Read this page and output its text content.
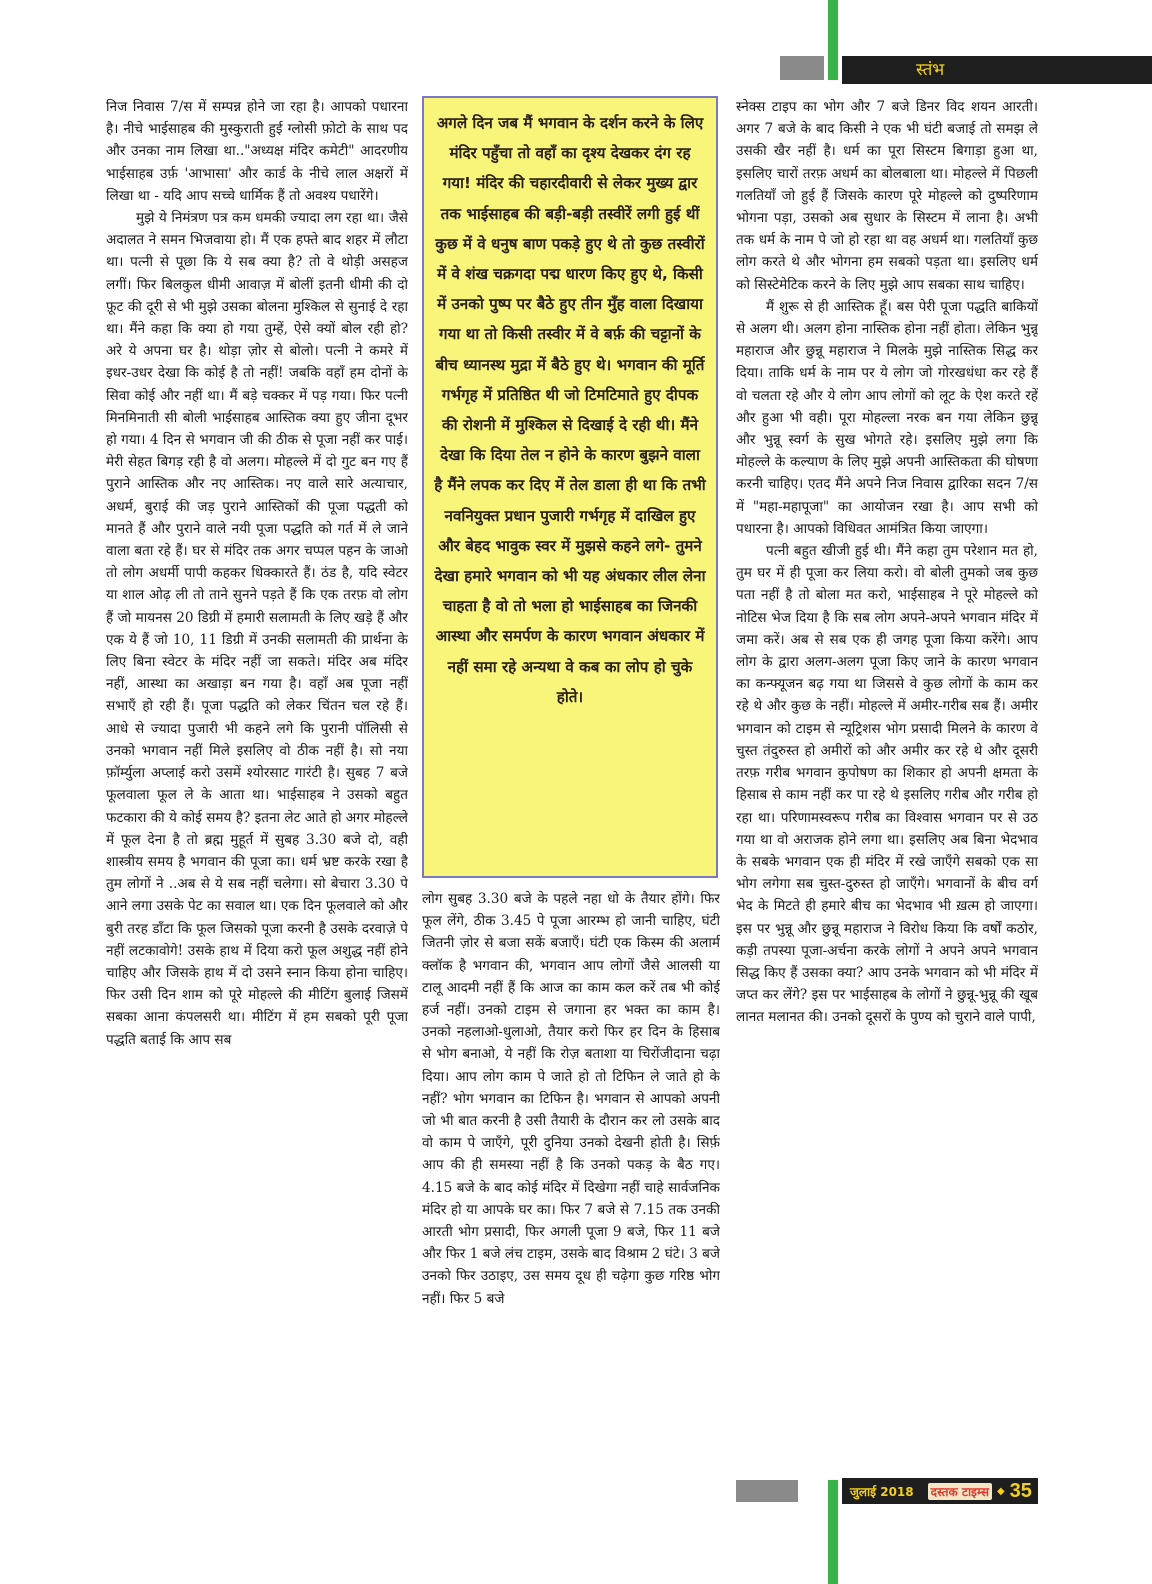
स्तंभ

निज निवास 7/स में सम्पन्न होने जा रहा है। आपको पधारना है। नीचे भाईसाहब की मुस्कुराती हुई ग्लोसी फ़ोटो के साथ पद और उनका नाम लिखा था.."अध्यक्ष मंदिर कमेटी" आदरणीय भाईसाहब उर्फ़ 'आभासा' और कार्ड के नीचे लाल अक्षरों में लिखा था - यदि आप सच्चे धार्मिक हैं तो अवश्य पधारेंगे।

मुझे ये निमंत्रण पत्र कम धमकी ज्यादा लग रहा था। जैसे अदालत ने समन भिजवाया हो। मैं एक हफ्ते बाद शहर में लौटा था। पत्नी से पूछा कि ये सब क्या है? तो वे थोड़ी असहज लगीं। फिर बिलकुल धीमी आवाज़ में बोलीं इतनी धीमी की दो फ़ूट की दूरी से भी मुझे उसका बोलना मुश्किल से सुनाई दे रहा था। मैंने कहा कि क्या हो गया तुम्हें, ऐसे क्यों बोल रही हो? अरे ये अपना घर है। थोड़ा ज़ोर से बोलो। पत्नी ने कमरे में इधर-उधर देखा कि कोई है तो नहीं! जबकि वहाँ हम दोनों के सिवा कोई और नहीं था। मैं बड़े चक्कर में पड़ गया। फिर पत्नी मिनमिनाती सी बोली भाईसाहब आस्तिक क्या हुए जीना दूभर हो गया। 4 दिन से भगवान जी की ठीक से पूजा नहीं कर पाई। मेरी सेहत बिगड़ रही है वो अलग। मोहल्ले में दो गुट बन गए हैं पुराने आस्तिक और नए आस्तिक। नए वाले सारे अत्याचार, अधर्म, बुराई की जड़ पुराने आस्तिकों की पूजा पद्धती को मानते हैं और पुराने वाले नयी पूजा पद्धति को गर्त में ले जाने वाला बता रहे हैं। घर से मंदिर तक अगर चप्पल पहन के जाओ तो लोग अधर्मी पापी कहकर धिक्कारते हैं। ठंड है, यदि स्वेटर या शाल ओढ़ ली तो ताने सुनने पड़ते हैं कि एक तरफ़ वो लोग हैं जो मायनस 20 डिग्री में हमारी सलामती के लिए खड़े हैं और एक ये हैं जो 10, 11 डिग्री में उनकी सलामती की प्रार्थना के लिए बिना स्वेटर के मंदिर नहीं जा सकते। मंदिर अब मंदिर नहीं, आस्था का अखाड़ा बन गया है। वहाँ अब पूजा नहीं सभाएँ हो रही हैं। पूजा पद्धति को लेकर चिंतन चल रहे हैं। आधे से ज्यादा पुजारी भी कहने लगे कि पुरानी पॉलिसी से उनको भगवान नहीं मिले इसलिए वो ठीक नहीं है। सो नया फ़ॉर्म्युला अप्लाई करो उसमें श्योरसाट गारंटी है। सुबह 7 बजे फूलवाला फूल ले के आता था। भाईसाहब ने उसको बहुत फटकारा की ये कोई समय है? इतना लेट आते हो अगर मोहल्ले में फूल देना है तो ब्रह्म मुहूर्त में सुबह 3.30 बजे दो, वही शास्त्रीय समय है भगवान की पूजा का। धर्म भ्रष्ट करके रखा है तुम लोगों ने ..अब से ये सब नहीं चलेगा। सो बेचारा 3.30 पे आने लगा उसके पेट का सवाल था। एक दिन फूलवाले को और बुरी तरह डाँटा कि फूल जिसको पूजा करनी है उसके दरवाज़े पे नहीं लटकावोगे! उसके हाथ में दिया करो फूल अशुद्ध नहीं होने चाहिए और जिसके हाथ में दो उसने स्नान किया होना चाहिए। फिर उसी दिन शाम को पूरे मोहल्ले की मीटिंग बुलाई जिसमें सबका आना कंपलसरी था। मीटिंग में हम सबको पूरी पूजा पद्धति बताई कि आप सब

अगले दिन जब मैं भगवान के दर्शन करने के लिए मंदिर पहुँचा तो वहाँ का दृश्य देखकर दंग रह गया! मंदिर की चहारदीवारी से लेकर मुख्य द्वार तक भाईसाहब की बड़ी-बड़ी तस्वीरें लगी हुई थीं कुछ में वे धनुष बाण पकड़े हुए थे तो कुछ तस्वीरों में वे शंख चक्रगदा पद्म धारण किए हुए थे, किसी में उनको पुष्प पर बैठे हुए तीन मुँह वाला दिखाया गया था तो किसी तस्वीर में वे बर्फ़ की चट्टानों के बीच ध्यानस्थ मुद्रा में बैठे हुए थे। भगवान की मूर्ति गर्भगृह में प्रतिष्ठित थी जो टिमटिमाते हुए दीपक की रोशनी में मुश्किल से दिखाई दे रही थी। मैंने देखा कि दिया तेल न होने के कारण बुझने वाला है मैंने लपक कर दिए में तेल डाला ही था कि तभी नवनियुक्त प्रधान पुजारी गर्भगृह में दाखिल हुए और बेहद भावुक स्वर में मुझसे कहने लगे- तुमने देखा हमारे भगवान को भी यह अंधकार लील लेना चाहता है वो तो भला हो भाईसाहब का जिनकी आस्था और समर्पण के कारण भगवान अंधकार में नहीं समा रहे अन्यथा वे कब का लोप हो चुके होते।

लोग सुबह 3.30 बजे के पहले नहा धो के तैयार होंगे। फिर फूल लेंगे, ठीक 3.45 पे पूजा आरम्भ हो जानी चाहिए, घंटी जितनी ज़ोर से बजा सकें बजाएँ। घंटी एक किस्म की अलार्म क्लॉक है भगवान की, भगवान आप लोगों जैसे आलसी या टालू आदमी नहीं हैं कि आज का काम कल करें तब भी कोई हर्ज नहीं। उनको टाइम से जगाना हर भक्त का काम है। उनको नहलाओ-धुलाओ, तैयार करो फिर हर दिन के हिसाब से भोग बनाओ, ये नहीं कि रोज़ बताशा या चिरोंजीदाना चढ़ा दिया। आप लोग काम पे जाते हो तो टिफिन ले जाते हो के नहीं? भोग भगवान का टिफिन है। भगवान से आपको अपनी जो भी बात करनी है उसी तैयारी के दौरान कर लो उसके बाद वो काम पे जाएँगे, पूरी दुनिया उनको देखनी होती है। सिर्फ़ आप की ही समस्या नहीं है कि उनको पकड़ के बैठ गए। 4.15 बजे के बाद कोई मंदिर में दिखेगा नहीं चाहे सार्वजनिक मंदिर हो या आपके घर का। फिर 7 बजे से 7.15 तक उनकी आरती भोग प्रसादी, फिर अगली पूजा 9 बजे, फिर 11 बजे और फिर 1 बजे लंच टाइम, उसके बाद विश्राम 2 घंटे। 3 बजे उनको फिर उठाइए, उस समय दूध ही चढ़ेगा कुछ गरिष्ठ भोग नहीं। फिर 5 बजे

स्नेक्स टाइप का भोग और 7 बजे डिनर विद शयन आरती। अगर 7 बजे के बाद किसी ने एक भी घंटी बजाई तो समझ ले उसकी खैर नहीं है। धर्म का पूरा सिस्टम बिगाड़ा हुआ था, इसलिए चारों तरफ़ अधर्म का बोलबाला था। मोहल्ले में पिछली गलतियाँ जो हुई हैं जिसके कारण पूरे मोहल्ले को दुष्परिणाम भोगना पड़ा, उसको अब सुधार के सिस्टम में लाना है। अभी तक धर्म के नाम पे जो हो रहा था वह अधर्म था। गलतियाँ कुछ लोग करते थे और भोगना हम सबको पड़ता था। इसलिए धर्म को सिस्टेमेटिक करने के लिए मुझे आप सबका साथ चाहिए।

मैं शुरू से ही आस्तिक हूँ। बस पेरी पूजा पद्धति बाकियों से अलग थी। अलग होना नास्तिक होना नहीं होता। लेकिन भुन्नू महाराज और छुन्नू महाराज ने मिलके मुझे नास्तिक सिद्ध कर दिया। ताकि धर्म के नाम पर ये लोग जो गोरखधंधा कर रहे हैं वो चलता रहे और ये लोग आप लोगों को लूट के ऐश करते रहें और हुआ भी वही। पूरा मोहल्ला नरक बन गया लेकिन छुन्नू और भुन्नू स्वर्ग के सुख भोगते रहे। इसलिए मुझे लगा कि मोहल्ले के कल्याण के लिए मुझे अपनी आस्तिकता की घोषणा करनी चाहिए। एतद मैंने अपने निज निवास द्वारिका सदन 7/स में "महा-महापूजा" का आयोजन रखा है। आप सभी को पधारना है। आपको विधिवत आमंत्रित किया जाएगा।

पत्नी बहुत खीजी हुई थी। मैंने कहा तुम परेशान मत हो, तुम घर में ही पूजा कर लिया करो। वो बोली तुमको जब कुछ पता नहीं है तो बोला मत करो, भाईसाहब ने पूरे मोहल्ले को नोटिस भेज दिया है कि सब लोग अपने-अपने भगवान मंदिर में जमा करें। अब से सब एक ही जगह पूजा किया करेंगे। आप लोग के द्वारा अलग-अलग पूजा किए जाने के कारण भगवान का कन्फ्यूजन बढ़ गया था जिससे वे कुछ लोगों के काम कर रहे थे और कुछ के नहीं। मोहल्ले में अमीर-गरीब सब हैं। अमीर भगवान को टाइम से न्यूट्रिशस भोग प्रसादी मिलने के कारण वे चुस्त तंदुरुस्त हो अमीरों को और अमीर कर रहे थे और दूसरी तरफ़ गरीब भगवान कुपोषण का शिकार हो अपनी क्षमता के हिसाब से काम नहीं कर पा रहे थे इसलिए गरीब और गरीब हो रहा था। परिणामस्वरूप गरीब का विश्वास भगवान पर से उठ गया था वो अराजक होने लगा था। इसलिए अब बिना भेदभाव के सबके भगवान एक ही मंदिर में रखे जाएँगे सबको एक सा भोग लगेगा सब चुस्त-दुरुस्त हो जाएँगे। भगवानों के बीच वर्ग भेद के मिटते ही हमारे बीच का भेदभाव भी ख़त्म हो जाएगा। इस पर भुन्नू और छुन्नू महाराज ने विरोध किया कि वर्षों कठोर, कड़ी तपस्या पूजा-अर्चना करके लोगों ने अपने अपने भगवान सिद्ध किए हैं उसका क्या? आप उनके भगवान को भी मंदिर में जप्त कर लेंगे? इस पर भाईसाहब के लोगों ने छुन्नू-भुन्नू की खूब लानत मलानत की। उनको दूसरों के पुण्य को चुराने वाले पापी,

जुलाई 2018 दस्तक टाइम्स ◆ 35
